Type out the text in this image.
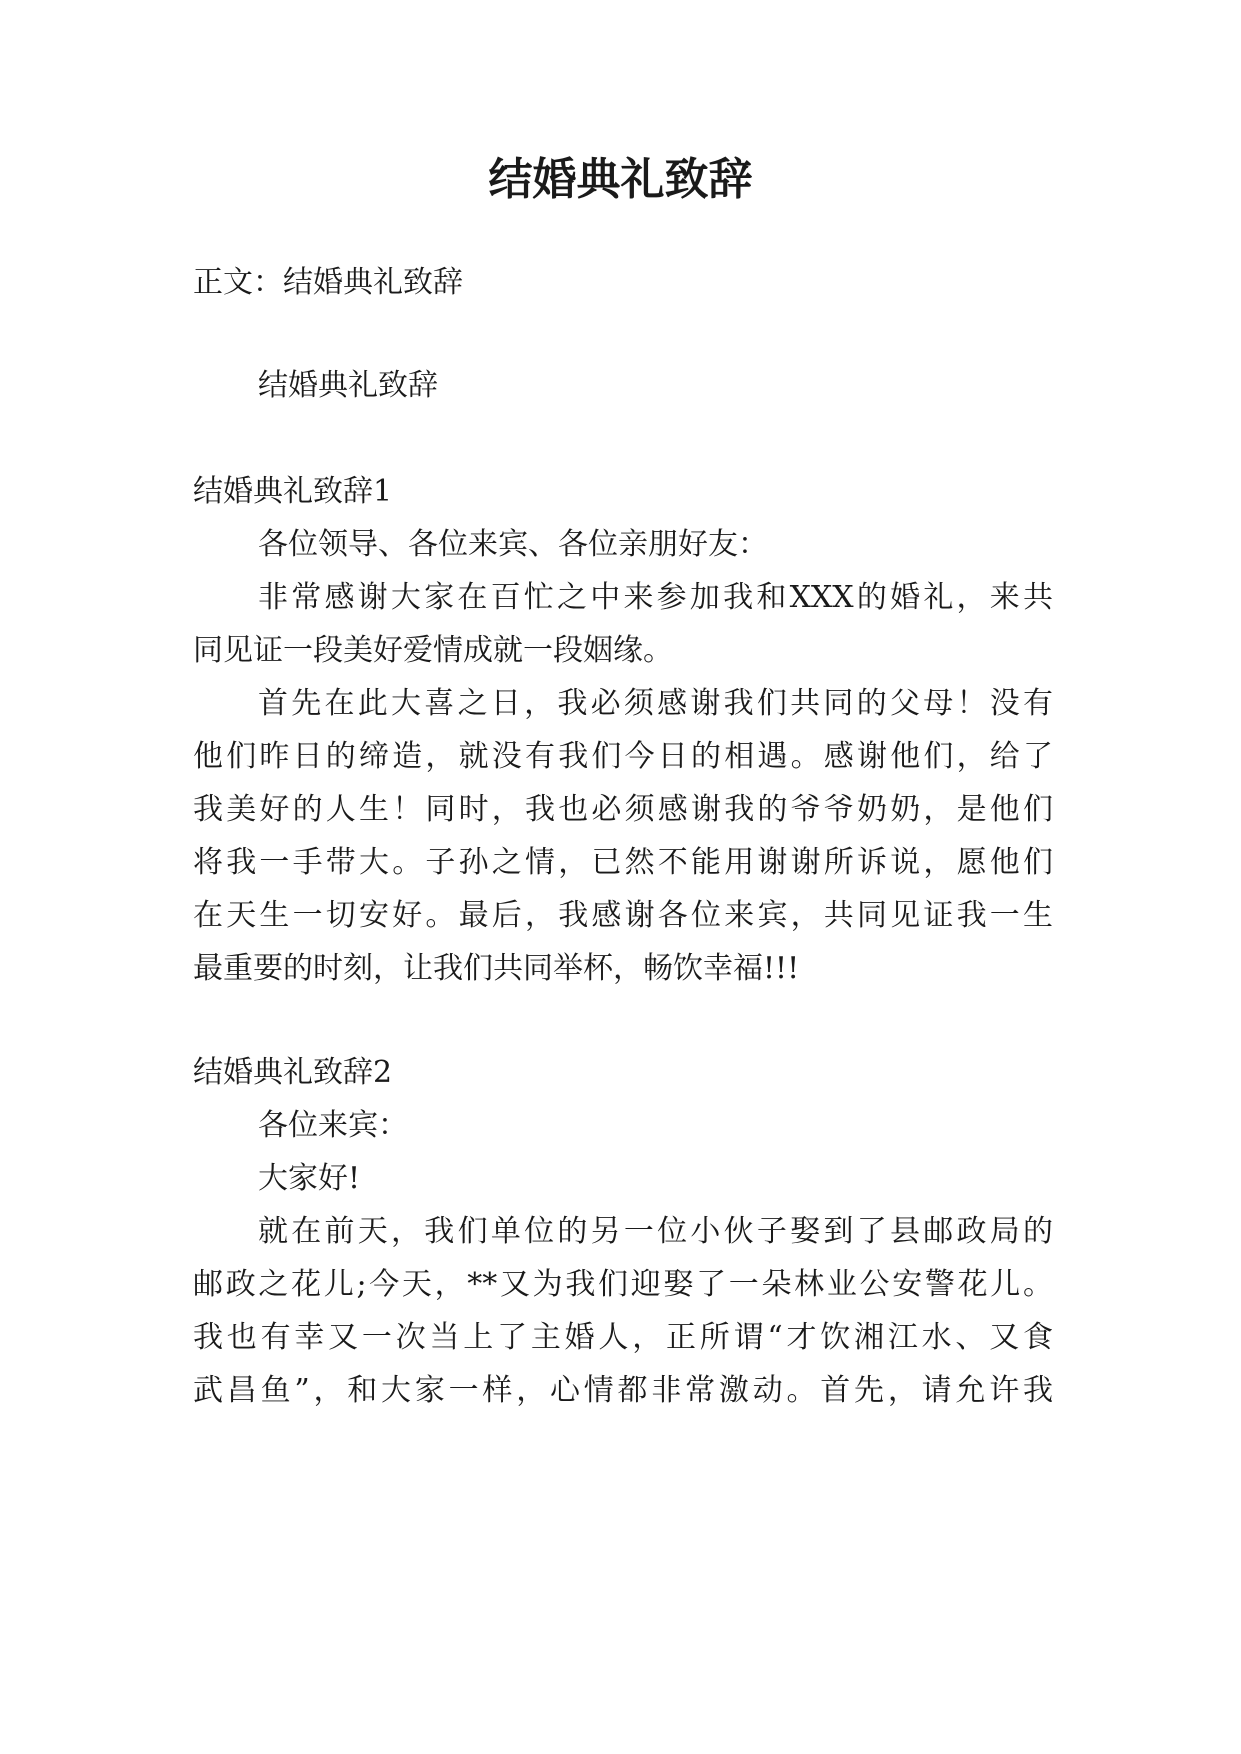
结婚典礼致辞

正文：结婚典礼致辞

结婚典礼致辞

结婚典礼致辞1

各位领导、各位来宾、各位亲朋好友：

非常感谢大家在百忙之中来参加我和XXX的婚礼，来共

同见证一段美好爱情成就一段姻缘。

首先在此大喜之日，我必须感谢我们共同的父母！没有

他们昨日的缔造，就没有我们今日的相遇。感谢他们，给了

我美好的人生！同时，我也必须感谢我的爷爷奶奶，是他们

将我一手带大。子孙之情，已然不能用谢谢所诉说，愿他们

在天生一切安好。最后，我感谢各位来宾，共同见证我一生

最重要的时刻，让我们共同举杯，畅饮幸福!!!

结婚典礼致辞2

各位来宾：

大家好!

就在前天，我们单位的另一位小伙子娶到了县邮政局的

邮政之花儿;今天，**又为我们迎娶了一朵林业公安警花儿。

我也有幸又一次当上了主婚人，正所谓“才饮湘江水、又食

武昌鱼”，和大家一样，心情都非常激动。首先，请允许我
